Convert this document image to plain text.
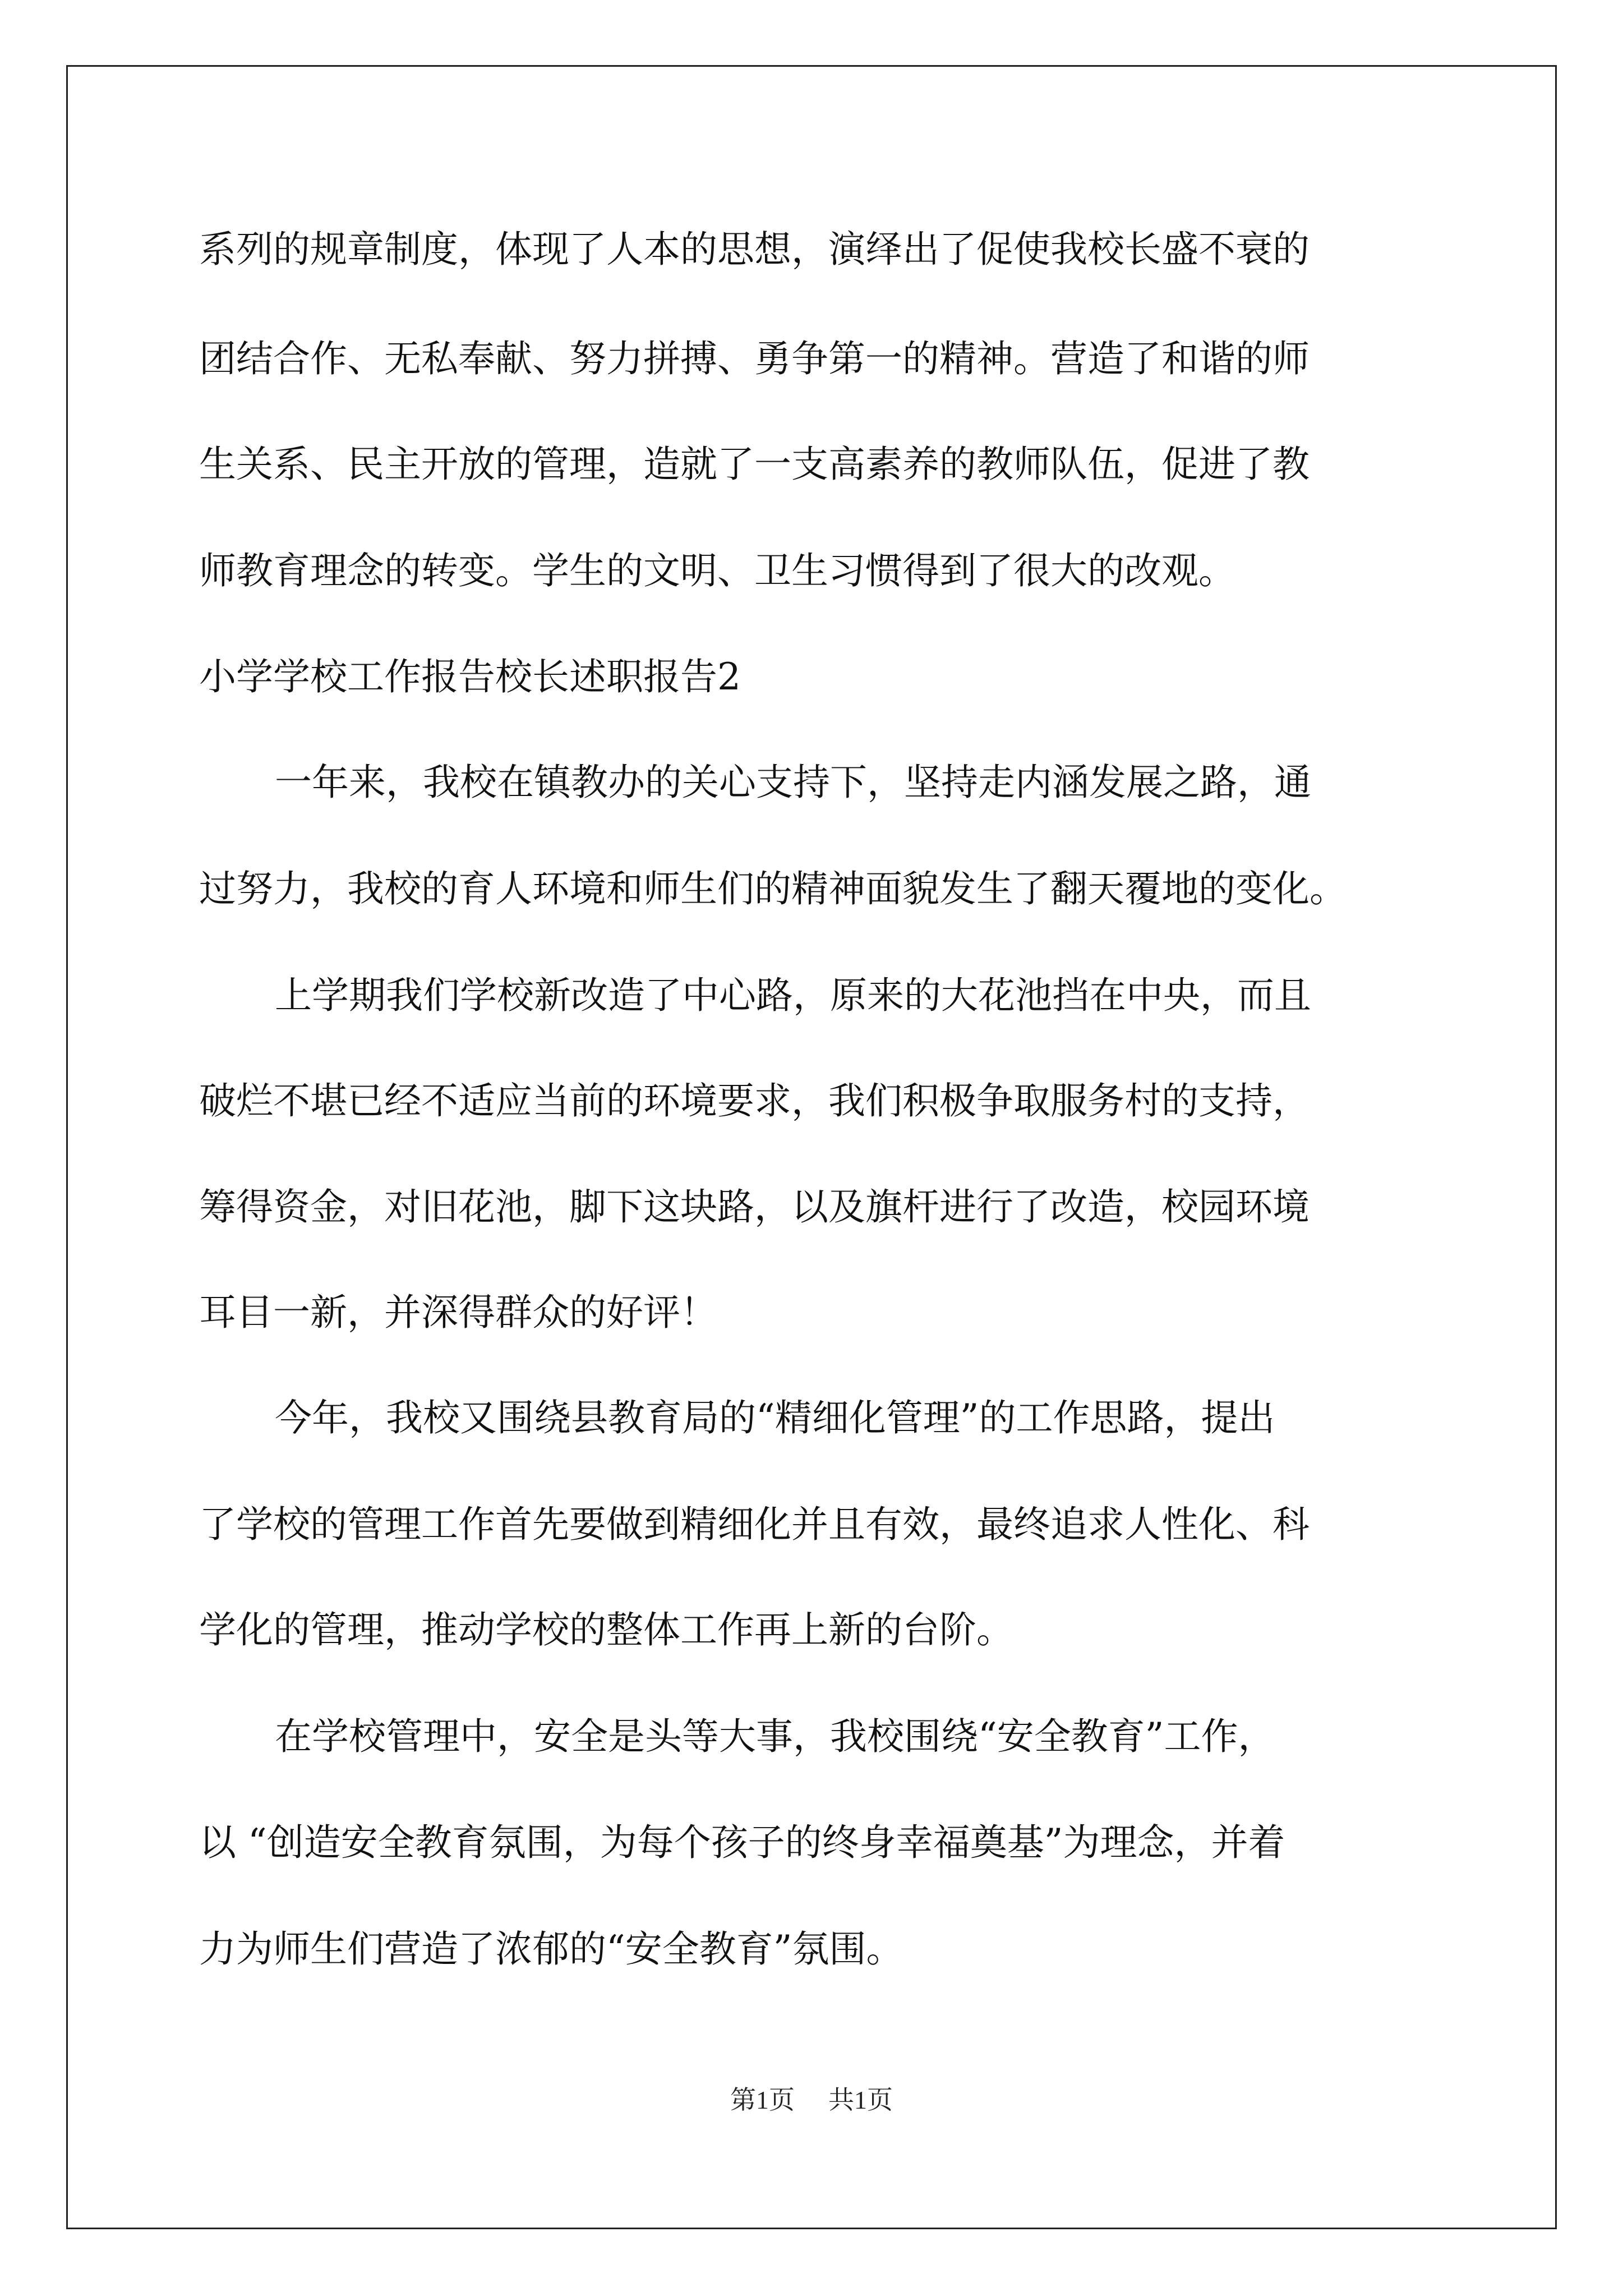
系列的规章制度，体现了人本的思想，演绎出了促使我校长盛不衰的
团结合作、无私奉献、努力拼搏、勇争第一的精神。营造了和谐的师
生关系、民主开放的管理，造就了一支高素养的教师队伍，促进了教
师教育理念的转变。学生的文明、卫生习惯得到了很大的改观。
小学学校工作报告校长述职报告2
一年来，我校在镇教办的关心支持下，坚持走内涵发展之路，通
过努力，我校的育人环境和师生们的精神面貌发生了翻天覆地的变化。
上学期我们学校新改造了中心路，原来的大花池挡在中央，而且
破烂不堪已经不适应当前的环境要求，我们积极争取服务村的支持，
筹得资金，对旧花池，脚下这块路，以及旗杆进行了改造，校园环境
耳目一新，并深得群众的好评！
今年，我校又围绕县教育局的“精细化管理”的工作思路，提出
了学校的管理工作首先要做到精细化并且有效，最终追求人性化、科
学化的管理，推动学校的整体工作再上新的台阶。
在学校管理中，安全是头等大事，我校围绕“安全教育”工作，
以 “创造安全教育氛围，为每个孩子的终身幸福奠基”为理念，并着
力为师生们营造了浓郁的“安全教育”氛围。
第1页 共1页
